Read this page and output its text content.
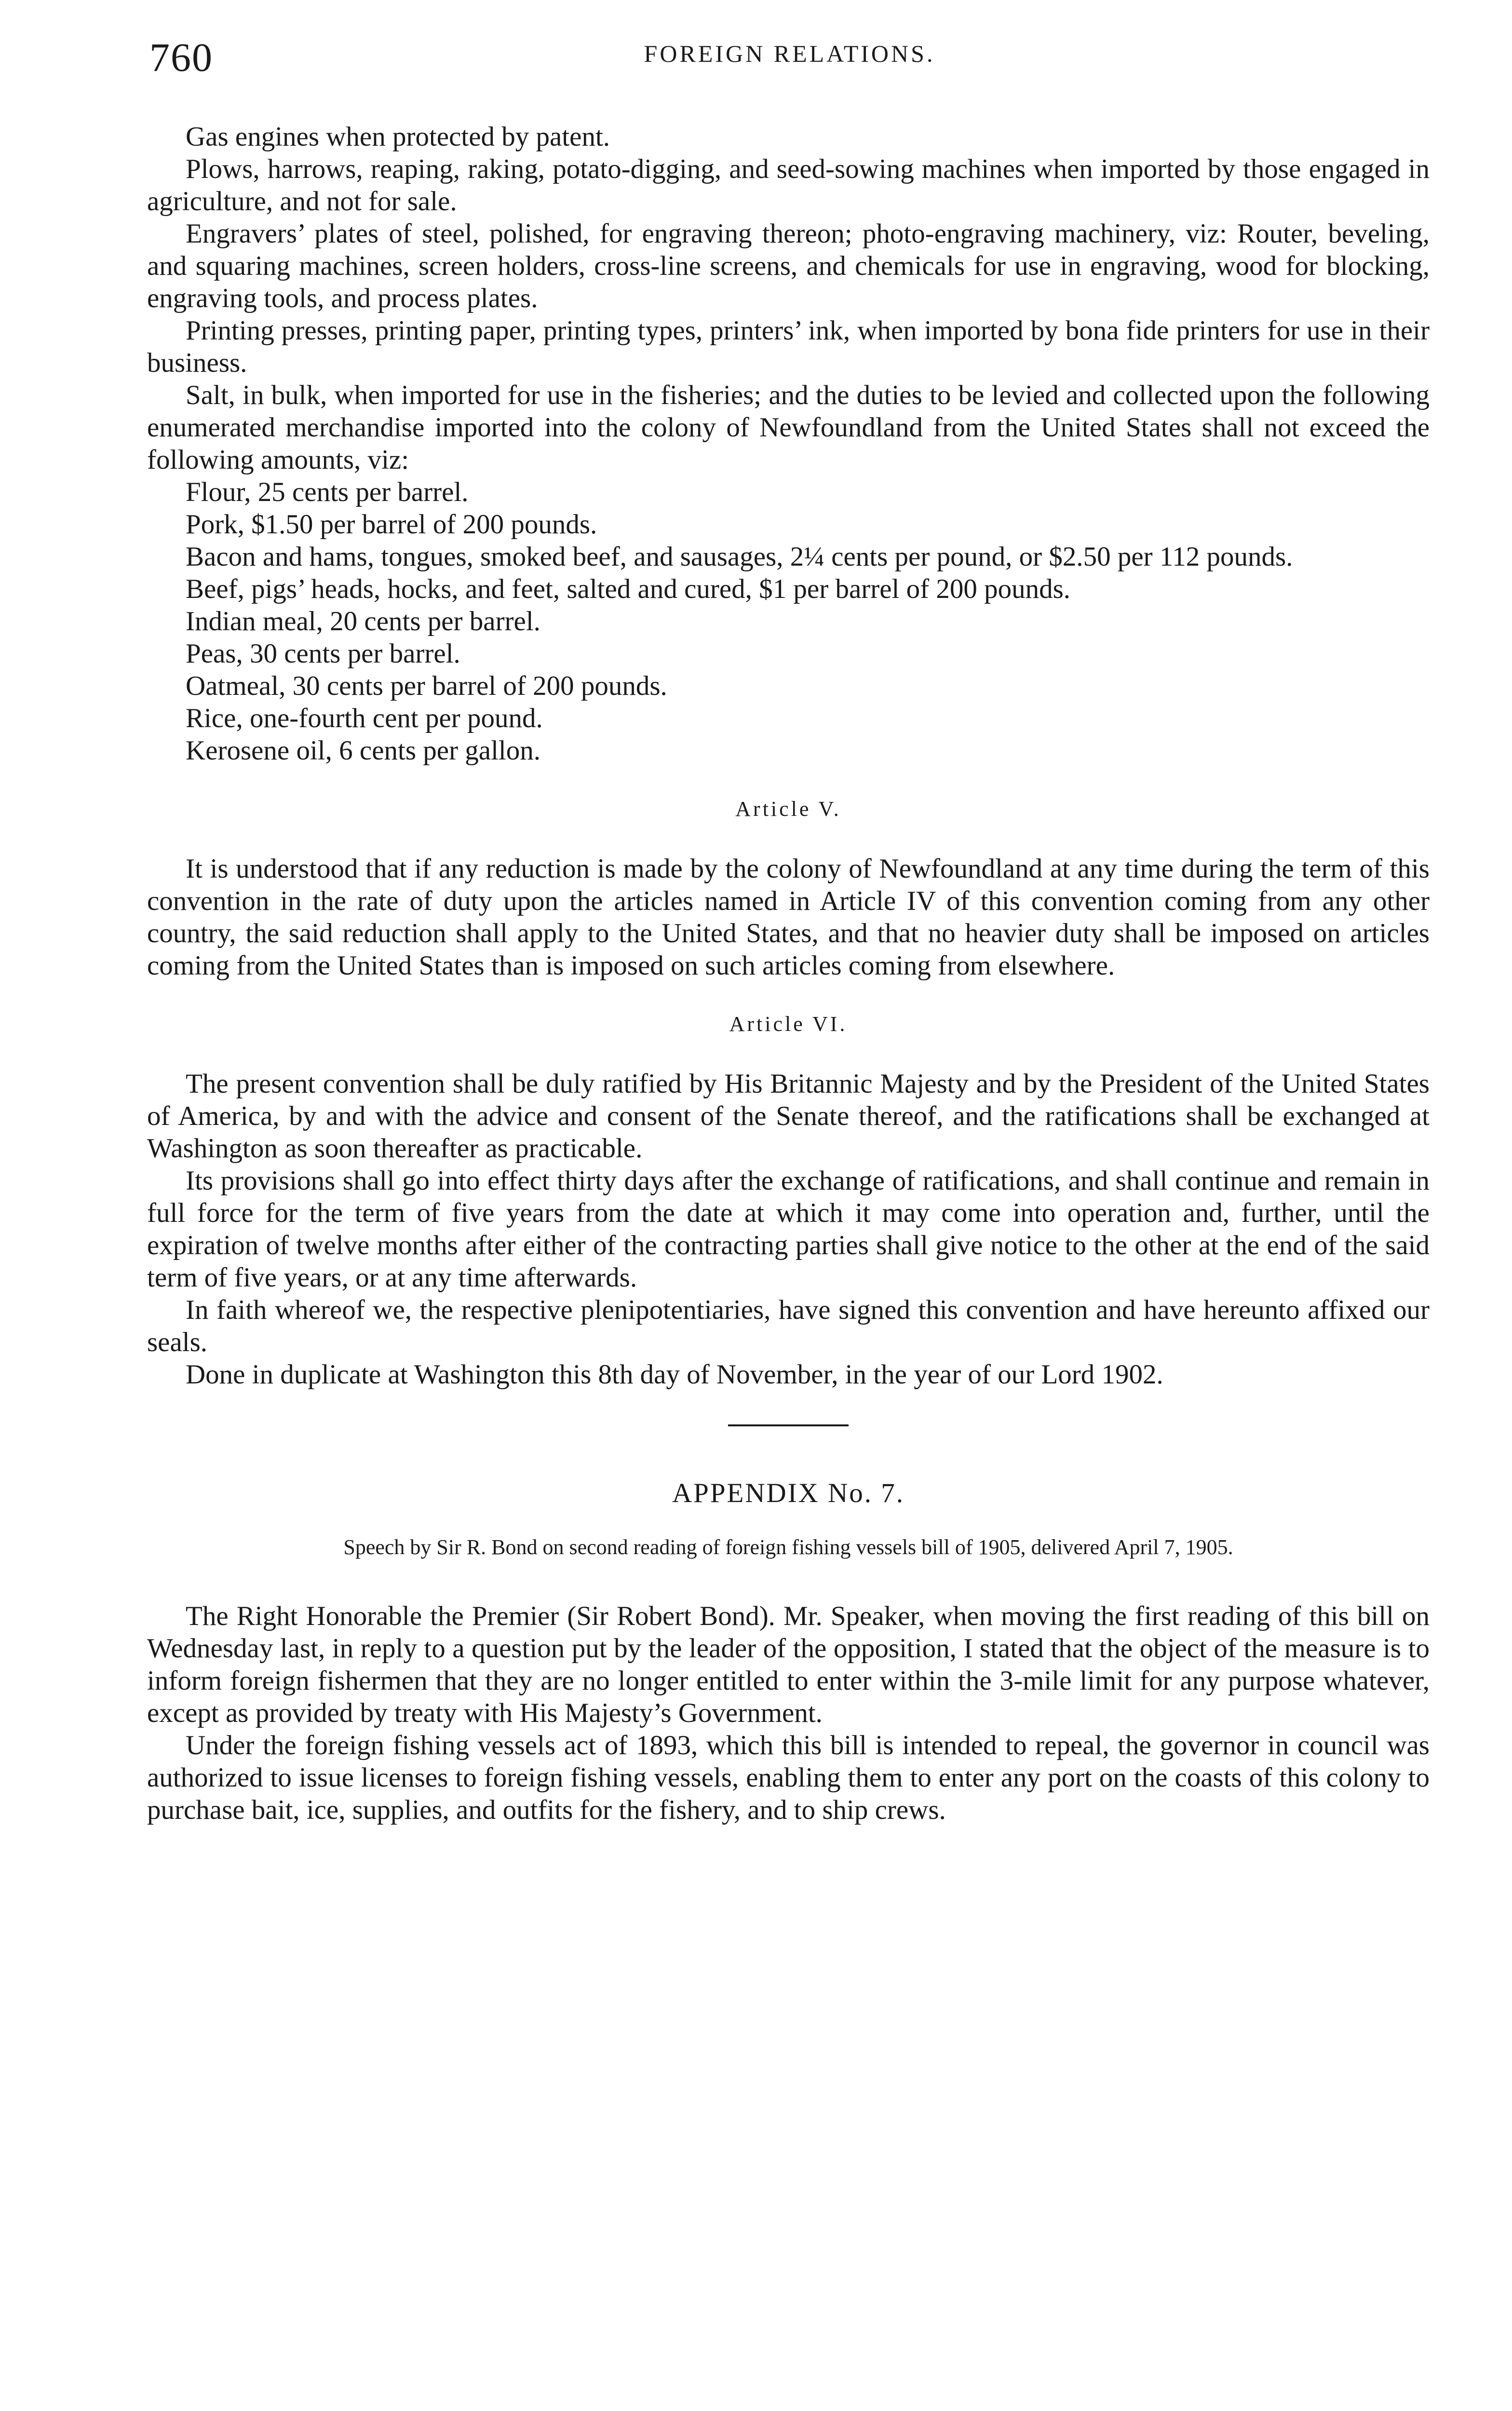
760	FOREIGN RELATIONS.

Gas engines when protected by patent.

Plows, harrows, reaping, raking, potato-digging, and seed-sowing machines when imported by those engaged in agriculture, and not for sale.

Engravers’ plates of steel, polished, for engraving thereon; photo-engraving machinery, viz: Router, beveling, and squaring machines, screen holders, cross-line screens, and chemicals for use in engraving, wood for blocking, engraving tools, and process plates.

Printing presses, printing paper, printing types, printers’ ink, when imported by bona fide printers for use in their business.

Salt, in bulk, when imported for use in the fisheries; and the duties to be levied and collected upon the following enumerated merchandise imported into the colony of Newfoundland from the United States shall not exceed the following amounts, viz:

Flour, 25 cents per barrel.

Pork, $1.50 per barrel of 200 pounds.

Bacon and hams, tongues, smoked beef, and sausages, 2¼ cents per pound, or $2.50 per 112 pounds.

Beef, pigs’ heads, hocks, and feet, salted and cured, $1 per barrel of 200 pounds.

Indian meal, 20 cents per barrel.

Peas, 30 cents per barrel.

Oatmeal, 30 cents per barrel of 200 pounds.

Rice, one-fourth cent per pound.

Kerosene oil, 6 cents per gallon.

Article V.

It is understood that if any reduction is made by the colony of Newfoundland at any time during the term of this convention in the rate of duty upon the articles named in Article IV of this convention coming from any other country, the said reduction shall apply to the United States, and that no heavier duty shall be imposed on articles coming from the United States than is imposed on such articles coming from elsewhere.

Article VI.

The present convention shall be duly ratified by His Britannic Majesty and by the President of the United States of America, by and with the advice and consent of the Senate thereof, and the ratifications shall be exchanged at Washington as soon thereafter as practicable.

Its provisions shall go into effect thirty days after the exchange of ratifications, and shall continue and remain in full force for the term of five years from the date at which it may come into operation and, further, until the expiration of twelve months after either of the contracting parties shall give notice to the other at the end of the said term of five years, or at any time afterwards.

In faith whereof we, the respective plenipotentiaries, have signed this convention and have hereunto affixed our seals.

Done in duplicate at Washington this 8th day of November, in the year of our Lord 1902.

APPENDIX No. 7.
Speech by Sir R. Bond on second reading of foreign fishing vessels bill of 1905, delivered April 7, 1905.

The Right Honorable the Premier (Sir Robert Bond). Mr. Speaker, when moving the first reading of this bill on Wednesday last, in reply to a question put by the leader of the opposition, I stated that the object of the measure is to inform foreign fishermen that they are no longer entitled to enter within the 3-mile limit for any purpose whatever, except as provided by treaty with His Majesty’s Government.

Under the foreign fishing vessels act of 1893, which this bill is intended to repeal, the governor in council was authorized to issue licenses to foreign fishing vessels, enabling them to enter any port on the coasts of this colony to purchase bait, ice, supplies, and outfits for the fishery, and to ship crews.
